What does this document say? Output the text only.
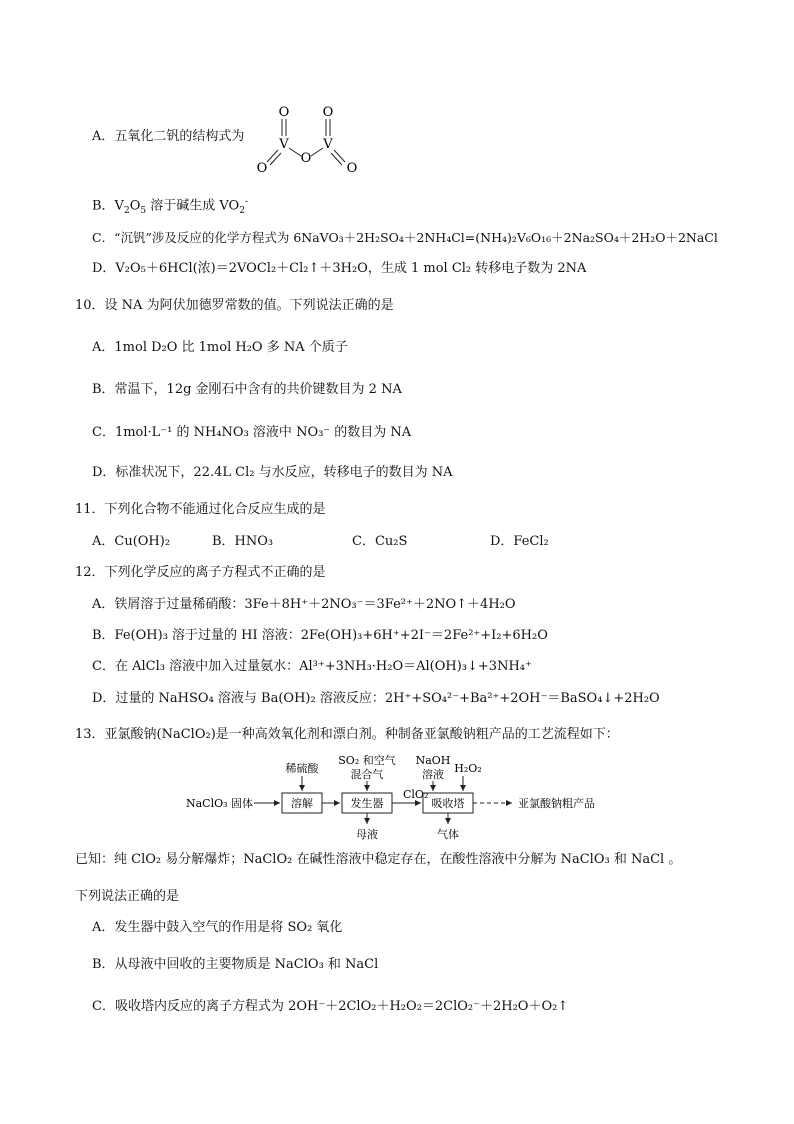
A．五氧化二钒的结构式为
O	O
V	V
O
O
O
B．$V_2O_5$ 溶于碱生成 $VO_2^-$
C．“沉钒”涉及反应的化学方程式为 6NaVO₃＋2H₂SO₄＋2NH₄Cl=(NH₄)₂V₆O₁₆＋2Na₂SO₄＋2H₂O＋2NaCl
D．V₂O₅＋6HCl(浓)＝2VOCl₂＋Cl₂↑＋3H₂O，生成 1 mol Cl₂ 转移电子数为 2NA
10．设 NA 为阿伏加德罗常数的值。下列说法正确的是
A．1mol D₂O 比 1mol H₂O 多 NA 个质子
B．常温下，12g 金刚石中含有的共价键数目为 2 NA
C．1mol·L⁻¹ 的 NH₄NO₃ 溶液中 NO₃⁻ 的数目为 NA
D．标准状况下，22.4L Cl₂ 与水反应，转移电子的数目为 NA
11．下列化合物不能通过化合反应生成的是
A．Cu(OH)₂	B．HNO₃	C．Cu₂S	D．FeCl₂
12．下列化学反应的离子方程式不正确的是
A．铁屑溶于过量稀硝酸：3Fe＋8H⁺＋2NO₃⁻＝3Fe²⁺＋2NO↑＋4H₂O
B．Fe(OH)₃ 溶于过量的 HI 溶液：2Fe(OH)₃+6H⁺+2I⁻＝2Fe²⁺+I₂+6H₂O
C．在 AlCl₃ 溶液中加入过量氨水：Al³⁺+3NH₃·H₂O＝Al(OH)₃↓+3NH₄⁺
D．过量的 NaHSO₄ 溶液与 Ba(OH)₂ 溶液反应：2H⁺+SO₄²⁻+Ba²⁺+2OH⁻＝BaSO₄↓+2H₂O
13．亚氯酸钠(NaClO₂)是一种高效氧化剂和漂白剂。种制备亚氯酸钠粗产品的工艺流程如下：
NaClO₃ 固体	溶解
稀硫酸
发生器
SO₂ 和空气
混合气
母液
ClO₂
吸收塔
NaOH
溶液 H₂O₂
气体
亚氯酸钠粗产品
已知：纯 ClO₂ 易分解爆炸；NaClO₂ 在碱性溶液中稳定存在，在酸性溶液中分解为 NaClO₃ 和 NaCl 。
下列说法正确的是
A．发生器中鼓入空气的作用是将 SO₂ 氧化
B．从母液中回收的主要物质是 NaClO₃ 和 NaCl
C．吸收塔内反应的离子方程式为 2OH⁻＋2ClO₂＋H₂O₂＝2ClO₂⁻＋2H₂O＋O₂↑
